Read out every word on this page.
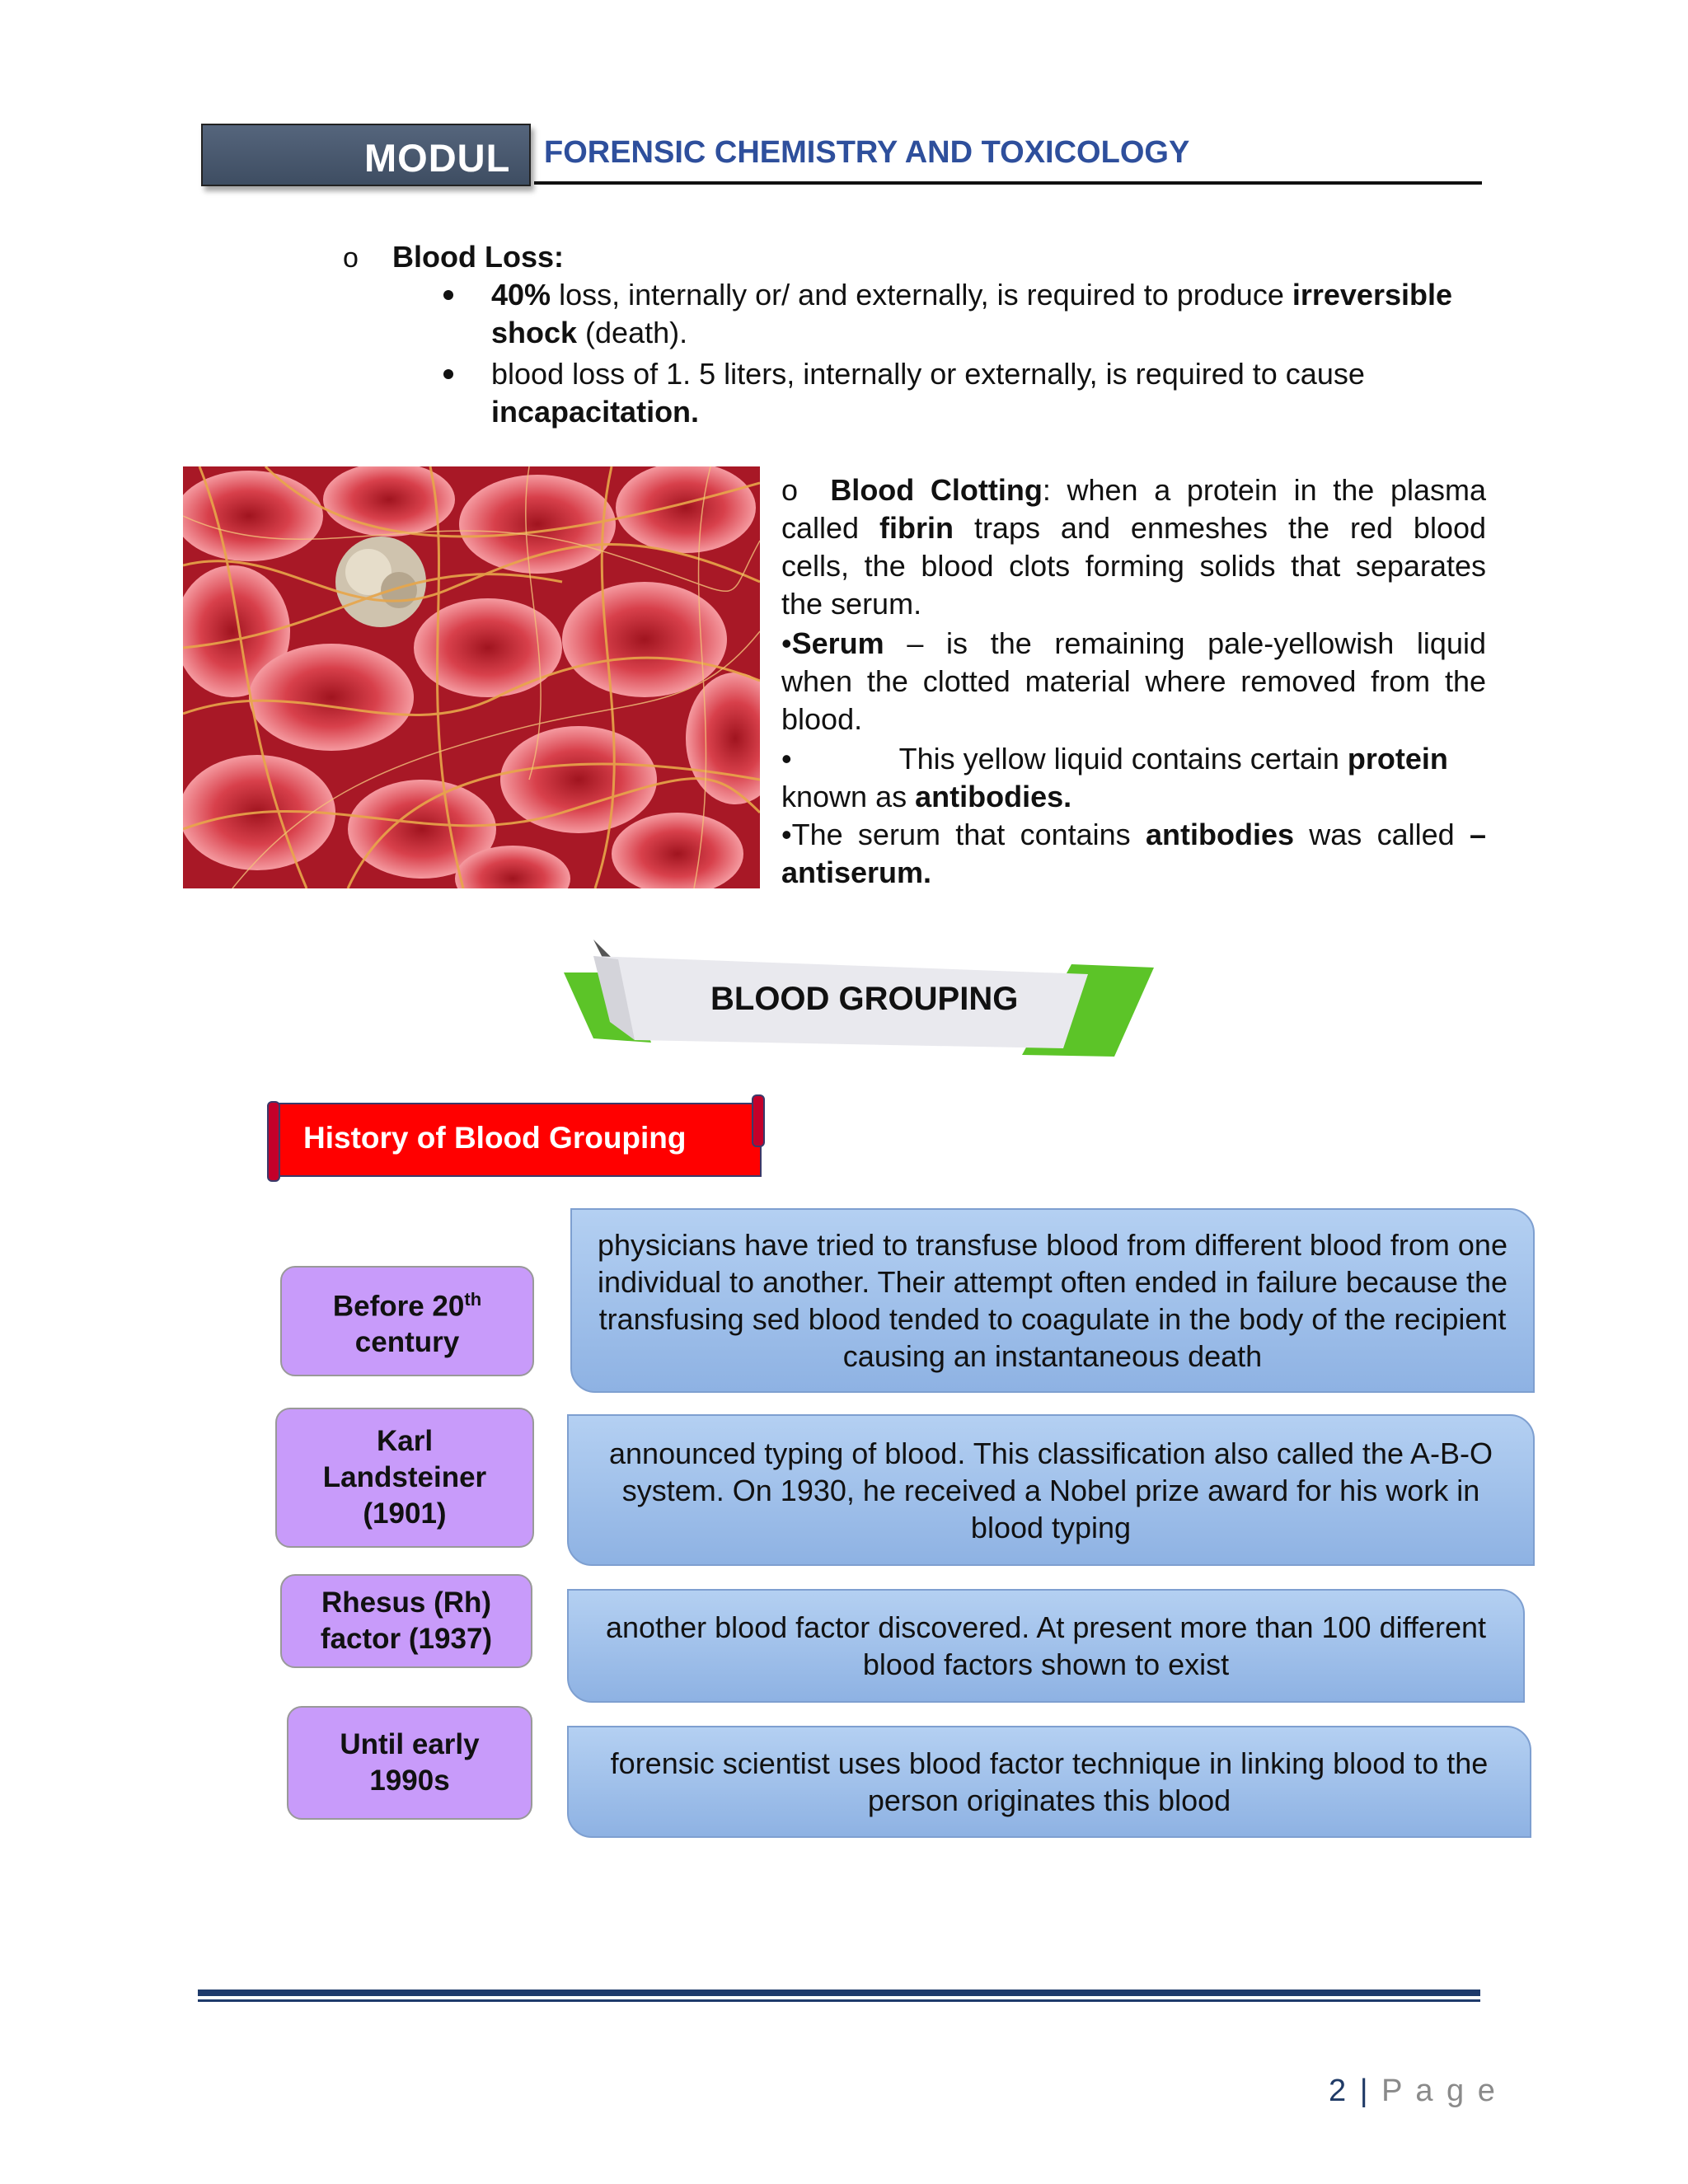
MODUL FORENSIC CHEMISTRY AND TOXICOLOGY
o Blood Loss:
40% loss, internally or/ and externally, is required to produce irreversible
shock (death).
blood loss of 1. 5 liters, internally or externally, is required to cause
incapacitation.
o  Blood Clotting: when a protein in the plasma
called fibrin traps and enmeshes the red blood
cells, the blood clots forming solids that separates
the serum.
•Serum – is the remaining pale-yellowish liquid
when the clotted material where removed from the
blood.
•	This yellow liquid contains certain protein
known as antibodies.
•The serum that contains antibodies was called –
antiserum.
BLOOD GROUPING
History of Blood Grouping
Before 20th
century
physicians have tried to transfuse blood from different blood from one individual to another. Their attempt often ended in failure because the transfusing sed blood tended to coagulate in the body of the recipient causing an instantaneous death
Karl Landsteiner (1901)
announced typing of blood. This classification also called the A-B-O system. On 1930, he received a Nobel prize award for his work in blood typing
Rhesus (Rh) factor (1937)	another blood factor discovered. At present more than 100 different blood factors shown to exist
Until early 1990s
forensic scientist uses blood factor technique in linking blood to the person originates this blood
2 | P a g e
